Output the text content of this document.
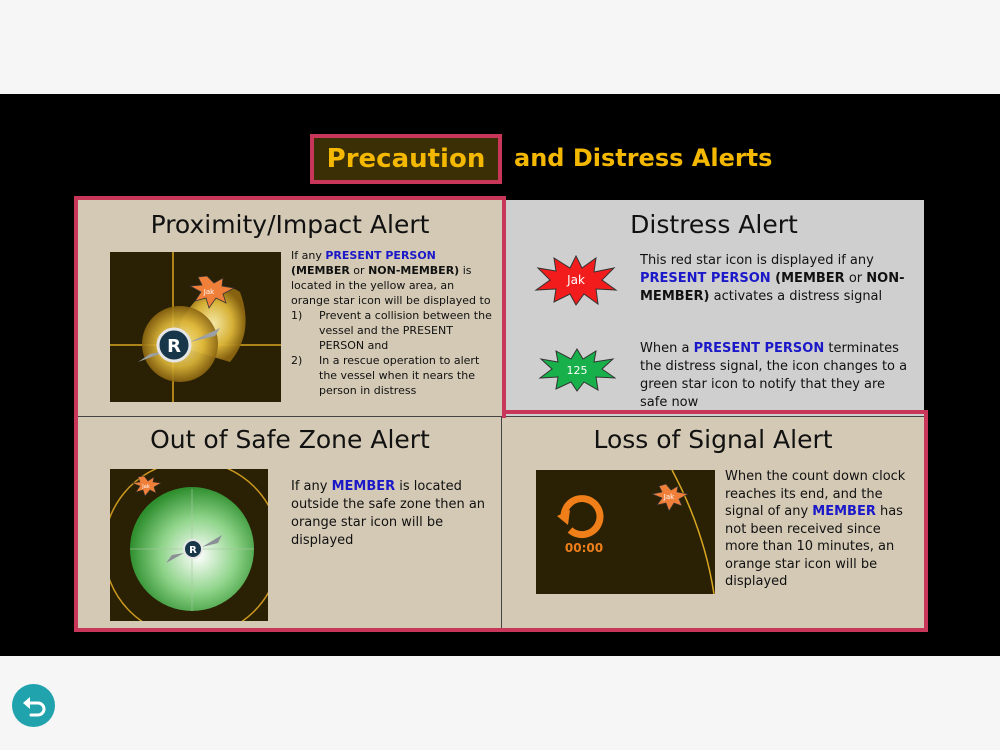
Precaution and Distress Alerts
Proximity/Impact Alert
R
Jak
If any PRESENT PERSON (MEMBER or NON-MEMBER) is located in the yellow area, an orange star icon will be displayed to
1)	Prevent a collision between the vessel and the PRESENT PERSON and
2)	In a rescue operation to alert the vessel when it nears the person in distress
Distress Alert
Jak
This red star icon is displayed if any PRESENT PERSON (MEMBER or NON-MEMBER) activates a distress signal
125
When a PRESENT PERSON terminates the distress signal, the icon changes to a green star icon to notify that they are safe now
Out of Safe Zone Alert
R
Jak	If any MEMBER is located outside the safe zone then an orange star icon will be displayed
Loss of Signal Alert
Jak
00:00
When the count down clock reaches its end, and the signal of any MEMBER has not been received since more than 10 minutes, an orange star icon will be displayed
